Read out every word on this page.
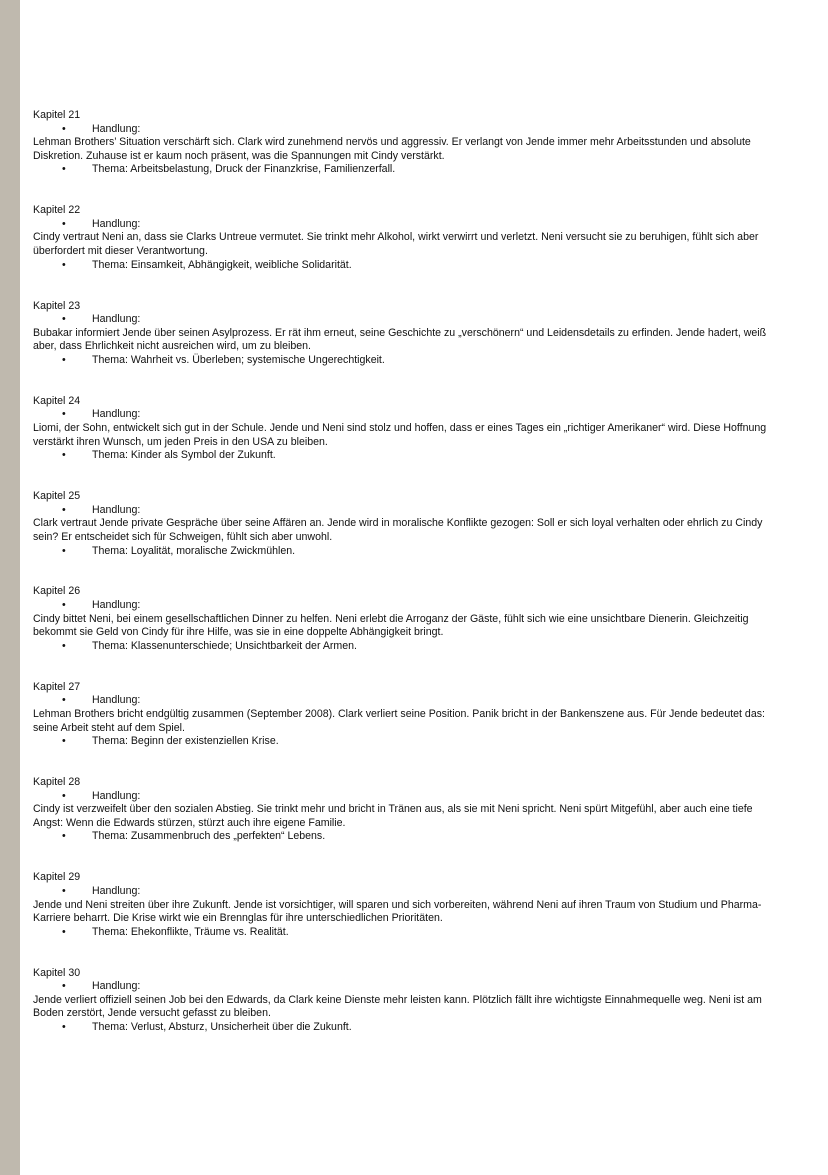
Kapitel 21
• Handlung:
Lehman Brothers’ Situation verschärft sich. Clark wird zunehmend nervös und aggressiv. Er verlangt von Jende immer mehr Arbeitsstunden und absolute Diskretion. Zuhause ist er kaum noch präsent, was die Spannungen mit Cindy verstärkt.
• Thema: Arbeitsbelastung, Druck der Finanzkrise, Familienzerfall.
Kapitel 22
• Handlung:
Cindy vertraut Neni an, dass sie Clarks Untreue vermutet. Sie trinkt mehr Alkohol, wirkt verwirrt und verletzt. Neni versucht sie zu beruhigen, fühlt sich aber überfordert mit dieser Verantwortung.
• Thema: Einsamkeit, Abhängigkeit, weibliche Solidarität.
Kapitel 23
• Handlung:
Bubakar informiert Jende über seinen Asylprozess. Er rät ihm erneut, seine Geschichte zu „verschönern“ und Leidensdetails zu erfinden. Jende hadert, weiß aber, dass Ehrlichkeit nicht ausreichen wird, um zu bleiben.
• Thema: Wahrheit vs. Überleben; systemische Ungerechtigkeit.
Kapitel 24
• Handlung:
Liomi, der Sohn, entwickelt sich gut in der Schule. Jende und Neni sind stolz und hoffen, dass er eines Tages ein „richtiger Amerikaner“ wird. Diese Hoffnung verstärkt ihren Wunsch, um jeden Preis in den USA zu bleiben.
• Thema: Kinder als Symbol der Zukunft.
Kapitel 25
• Handlung:
Clark vertraut Jende private Gespräche über seine Affären an. Jende wird in moralische Konflikte gezogen: Soll er sich loyal verhalten oder ehrlich zu Cindy sein? Er entscheidet sich für Schweigen, fühlt sich aber unwohl.
• Thema: Loyalität, moralische Zwickmühlen.
Kapitel 26
• Handlung:
Cindy bittet Neni, bei einem gesellschaftlichen Dinner zu helfen. Neni erlebt die Arroganz der Gäste, fühlt sich wie eine unsichtbare Dienerin. Gleichzeitig bekommt sie Geld von Cindy für ihre Hilfe, was sie in eine doppelte Abhängigkeit bringt.
• Thema: Klassenunterschiede; Unsichtbarkeit der Armen.
Kapitel 27
• Handlung:
Lehman Brothers bricht endgültig zusammen (September 2008). Clark verliert seine Position. Panik bricht in der Bankenszene aus. Für Jende bedeutet das: seine Arbeit steht auf dem Spiel.
• Thema: Beginn der existenziellen Krise.
Kapitel 28
• Handlung:
Cindy ist verzweifelt über den sozialen Abstieg. Sie trinkt mehr und bricht in Tränen aus, als sie mit Neni spricht. Neni spürt Mitgefühl, aber auch eine tiefe Angst: Wenn die Edwards stürzen, stürzt auch ihre eigene Familie.
• Thema: Zusammenbruch des „perfekten“ Lebens.
Kapitel 29
• Handlung:
Jende und Neni streiten über ihre Zukunft. Jende ist vorsichtiger, will sparen und sich vorbereiten, während Neni auf ihren Traum von Studium und Pharma-Karriere beharrt. Die Krise wirkt wie ein Brennglas für ihre unterschiedlichen Prioritäten.
• Thema: Ehekonflikte, Träume vs. Realität.
Kapitel 30
• Handlung:
Jende verliert offiziell seinen Job bei den Edwards, da Clark keine Dienste mehr leisten kann. Plötzlich fällt ihre wichtigste Einnahmequelle weg. Neni ist am Boden zerstört, Jende versucht gefasst zu bleiben.
• Thema: Verlust, Absturz, Unsicherheit über die Zukunft.
